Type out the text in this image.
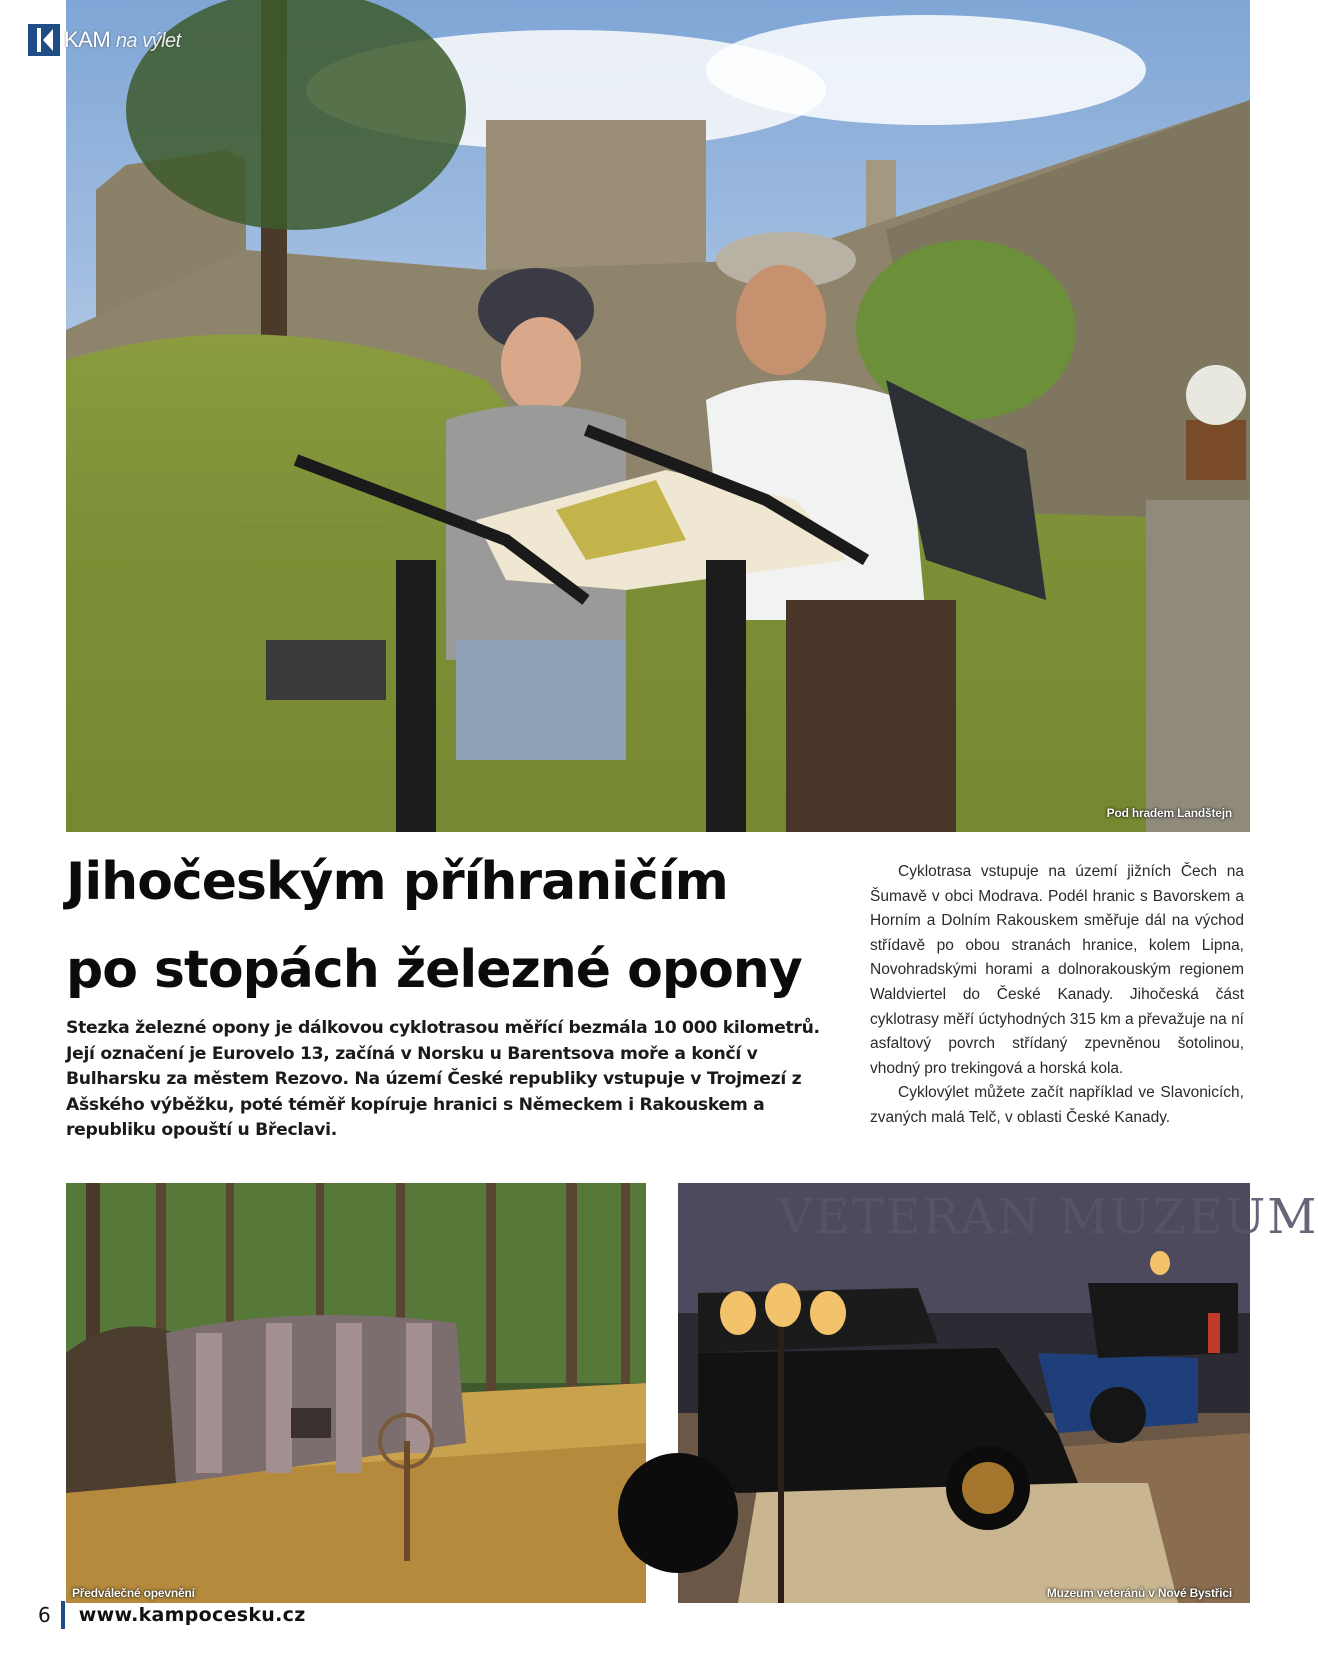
KAM na výlet
Pod hradem Landštejn
Jihočeským příhraničím
po stopách železné opony

Stezka železné opony je dálkovou cyklotrasou měřící bezmála 10 000 kilometrů. Její označení je Eurovelo 13, začíná v Norsku u Barentsova moře a končí v Bulharsku za městem Rezovo. Na území České republiky vstupuje v Trojmezí z Ašského výběžku, poté téměř kopíruje hranici s Německem i Rakouskem a republiku opouští u Břeclavi.

Cyklotrasa vstupuje na území jižních Čech na Šumavě v obci Modrava. Podél hranic s Bavorskem a Horním a Dolním Rakouskem směřuje dál na východ střídavě po obou stranách hranice, kolem Lipna, Novohradskými horami a dolnorakouským regionem Waldviertel do České Kanady. Jihočeská část cyklotrasy měří úctyhodných 315 km a převažuje na ní asfaltový povrch střídaný zpevněnou šotolinou, vhodný pro trekingová a horská kola.

Cyklovýlet můžete začít například ve Slavonicích, zvaných malá Telč, v oblasti České Kanady.

Předválečné opevnění
VETERAN MUZEUM
Muzeum veteránů v Nové Bystřici
6 www.kampocesku.cz
